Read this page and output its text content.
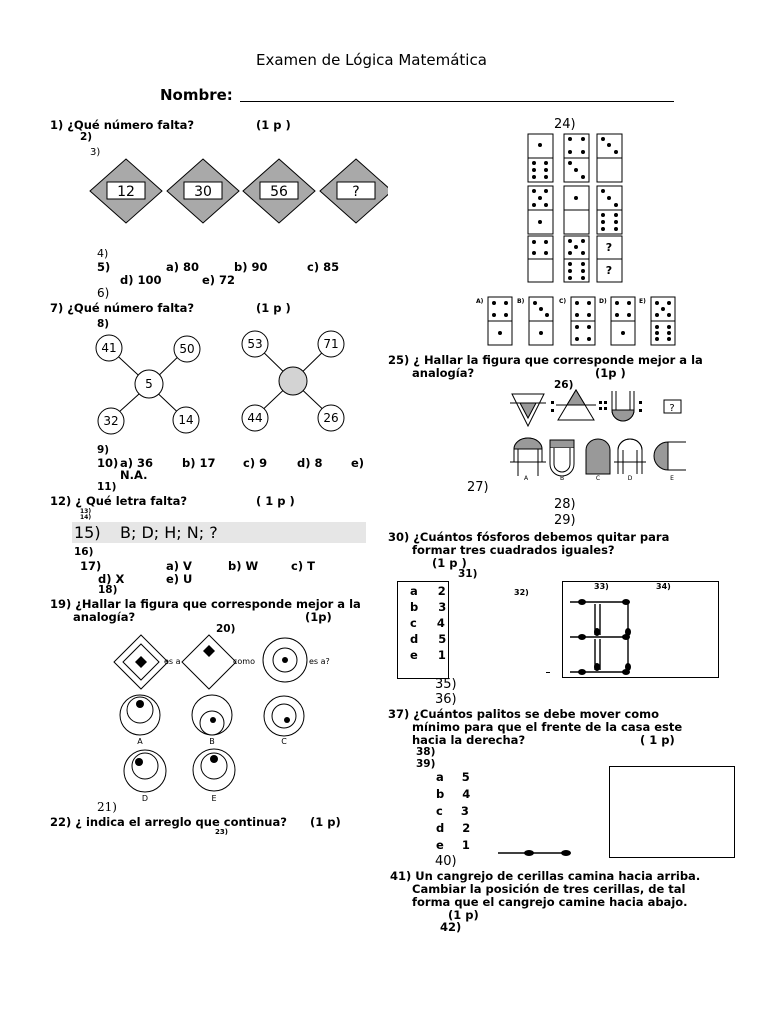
Examen de Lógica Matemática
Nombre:
1) ¿Qué número falta?	(1 p )
2)
3)
12	30	56	?
4)
5)	a) 80	b) 90	c) 85
d) 100	e) 72
6)
7) ¿Qué número falta?	(1 p )
8)
41	50
5
32	14
53	71
44	26
9)
10) a) 36	b) 17 c) 9	d) 8 e)
N.A.
11)
12) ¿ Qué letra falta?	( 1 p )
13)
14)
15) B; D; H; N; ?
16)
17)	a) V	b) W	c) T
d) X	e) U
18)
19) ¿Hallar la figura que corresponde mejor a la
analogía?	(1p)
20)
es a	como	es a?
A	B	C
D	E
21)
22) ¿ indica el arreglo que continua? (1 p)
23)
24)
?
?
A)	B)	C)	D)	E)
25) ¿ Hallar la figura que corresponde mejor a la
analogía?	(1p )
26)
?
A	B	C	D	E
27)
28)
29)
30) ¿Cuántos fósforos debemos quitar para
formar tres cuadrados iguales?
(1 p )
31)
a 2
b 3
c 4
d 5
e 1
32)
33)	34)
35)
36)
37) ¿Cuántos palitos se debe mover como
mínimo para que el frente de la casa este
hacia la derecha?	( 1 p)
38)
39)
a 5
b 4
c 3
d 2
e 1
40)
41) Un cangrejo de cerillas camina hacia arriba.
Cambiar la posición de tres cerillas, de tal
forma que el cangrejo camine hacia abajo.
(1 p)
42)
